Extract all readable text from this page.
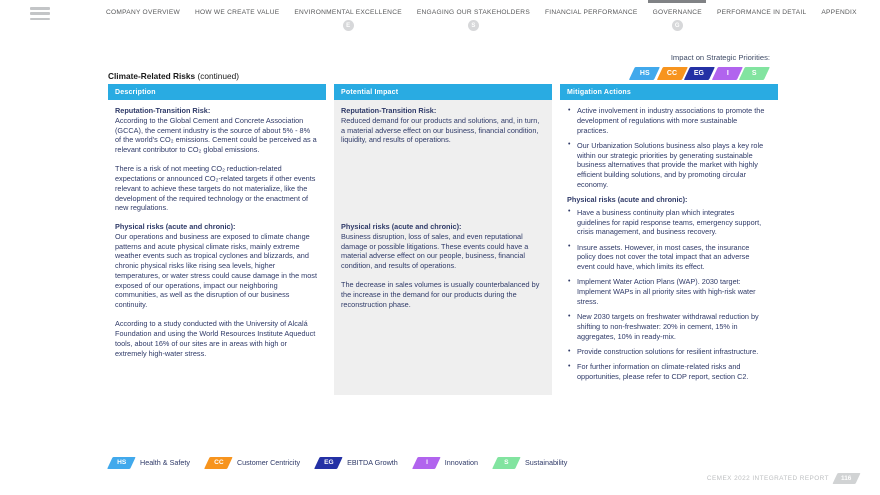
COMPANY OVERVIEW HOW WE CREATE VALUE ENVIRONMENTAL EXCELLENCE
E
ENGAGING OUR STAKEHOLDERS
S
FINANCIAL PERFORMANCE GOVERNANCE
G
PERFORMANCE IN DETAIL APPENDIX
Impact on Strategic Priorities:
HS	CC EG	I	S
Climate-Related Risks (continued)
Description	Potential Impact	Mitigation Actions
Reputation-Transition Risk:

According to the Global Cement and Concrete Association (GCCA), the cement industry is the source of about 5% - 8% of the world's CO₂ emissions. Cement could be perceived as a relevant contributor to CO₂ global emissions.

There is a risk of not meeting CO₂ reduction-related expectations or announced CO₂-related targets if other events relevant to achieve these targets do not materialize, like the development of the required technology or the enactment of new regulations.

Physical risks (acute and chronic):

Our operations and business are exposed to climate change patterns and acute physical climate risks, mainly extreme weather events such as tropical cyclones and blizzards, and chronic physical risks like rising sea levels, higher temperatures, or water stress could cause damage in the most exposed of our operations, impact our neighboring communities, as well as the disruption of our business continuity.

According to a study conducted with the University of Alcalá Foundation and using the World Resources Institute Aqueduct tools, about 16% of our sites are in areas with high or extremely high-water stress.

Reputation-Transition Risk:

Reduced demand for our products and solutions, and, in turn, a material adverse effect on our business, financial condition, liquidity, and results of operations.

Physical risks (acute and chronic):

Business disruption, loss of sales, and even reputational damage or possible litigations. These events could have a material adverse effect on our people, business, financial condition, and results of operations.

The decrease in sales volumes is usually counterbalanced by the increase in the demand for our products during the reconstruction phase.

• Active involvement in industry associations to promote the development of regulations with more sustainable practices.
• Our Urbanization Solutions business also plays a key role within our strategic priorities by generating sustainable business alternatives that provide the market with highly efficient building solutions, and by promoting circular economy.
Physical risks (acute and chronic):
• Have a business continuity plan which integrates guidelines for rapid response teams, emergency support, crisis management, and business recovery.
• Insure assets. However, in most cases, the insurance policy does not cover the total impact that an adverse event could have, which limits its effect.
• Implement Water Action Plans (WAP). 2030 target: Implement WAPs in all priority sites with high-risk water stress.
• New 2030 targets on freshwater withdrawal reduction by shifting to non-freshwater: 20% in cement, 15% in aggregates, 10% in ready-mix.
• Provide construction solutions for resilient infrastructure.
• For further information on climate-related risks and opportunities, please refer to CDP report, section C2.
HS Health & Safety	CC Customer Centricity	EG EBITDA Growth	I Innovation	S Sustainability
CEMEX 2022 INTEGRATED REPORT 116
